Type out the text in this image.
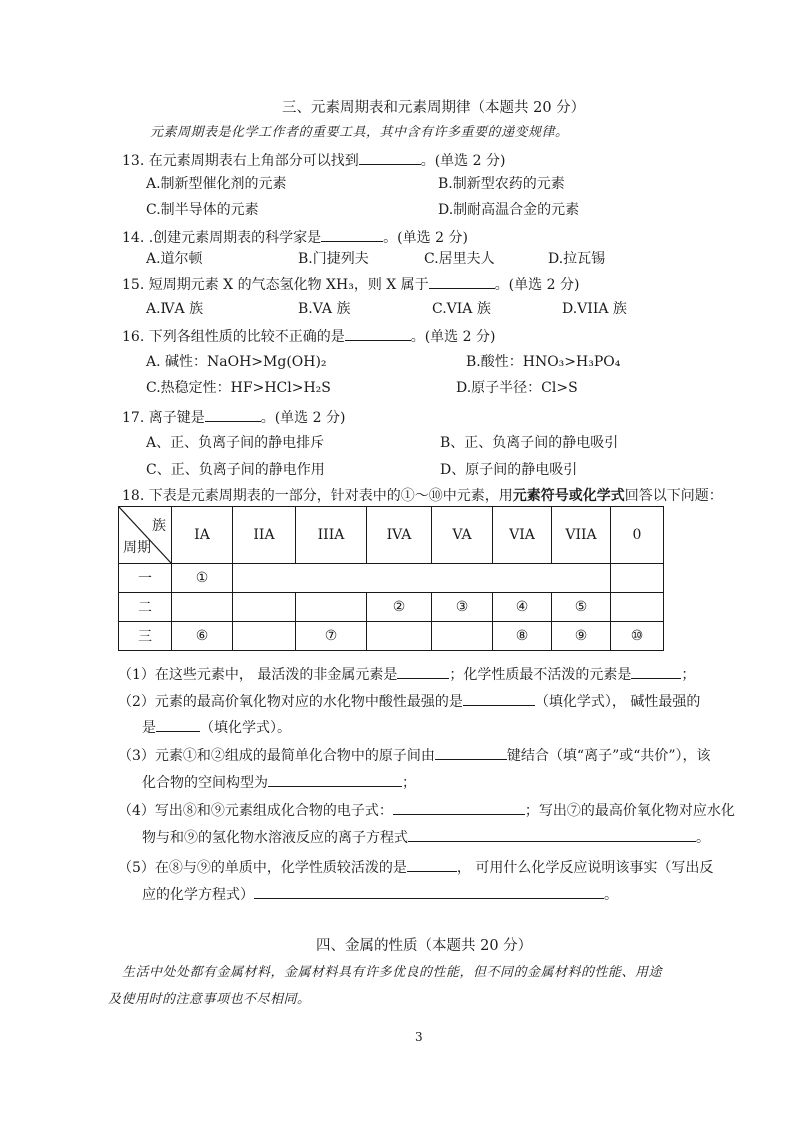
三、元素周期表和元素周期律（本题共 20 分）
元素周期表是化学工作者的重要工具，其中含有许多重要的递变规律。
13. 在元素周期表右上角部分可以找到	。(单选 2 分)
A.制新型催化剂的元素	B.制新型农药的元素
C.制半导体的元素	D.制耐高温合金的元素
14. .创建元素周期表的科学家是	。(单选 2 分)
A.道尔顿	B.门捷列夫	C.居里夫人	D.拉瓦锡
15. 短周期元素 X 的气态氢化物 XH₃，则 X 属于	。(单选 2 分)
A.ⅣA 族	B.VA 族	C.VIA 族	D.VIIA 族
16. 下列各组性质的比较不正确的是	。(单选 2 分)
A. 碱性：NaOH>Mg(OH)₂	B.酸性：HNO₃>H₃PO₄
C.热稳定性：HF>HCl>H₂S	D.原子半径：Cl>S
17. 离子键是	。(单选 2 分)
A、正、负离子间的静电排斥	B、正、负离子间的静电吸引
C、正、负离子间的静电作用	D、原子间的静电吸引
18. 下表是元素周期表的一部分，针对表中的①～⑩中元素，用元素符号或化学式回答以下问题：
族
周期	IA	IIA	IIIA	IVA	VA	VIA	VIIA	0
一	①							
二				②	③	④	⑤	
三	⑥		⑦			⑧	⑨	⑩
（1）在这些元素中， 最活泼的非金属元素是	；化学性质最不活泼的元素是	；
（2）元素的最高价氧化物对应的水化物中酸性最强的是	（填化学式）， 碱性最强的
是	（填化学式）。
（3）元素①和②组成的最简单化合物中的原子间由	键结合（填“离子”或“共价”），该
化合物的空间构型为	；
（4）写出⑧和⑨元素组成化合物的电子式：	；写出⑦的最高价氧化物对应水化
物与和⑨的氢化物水溶液反应的离子方程式	。
（5）在⑧与⑨的单质中，化学性质较活泼的是	， 可用什么化学反应说明该事实（写出反
应的化学方程式）	。
四、金属的性质（本题共 20 分）
生活中处处都有金属材料，金属材料具有许多优良的性能，但不同的金属材料的性能、用途
及使用时的注意事项也不尽相同。
3
